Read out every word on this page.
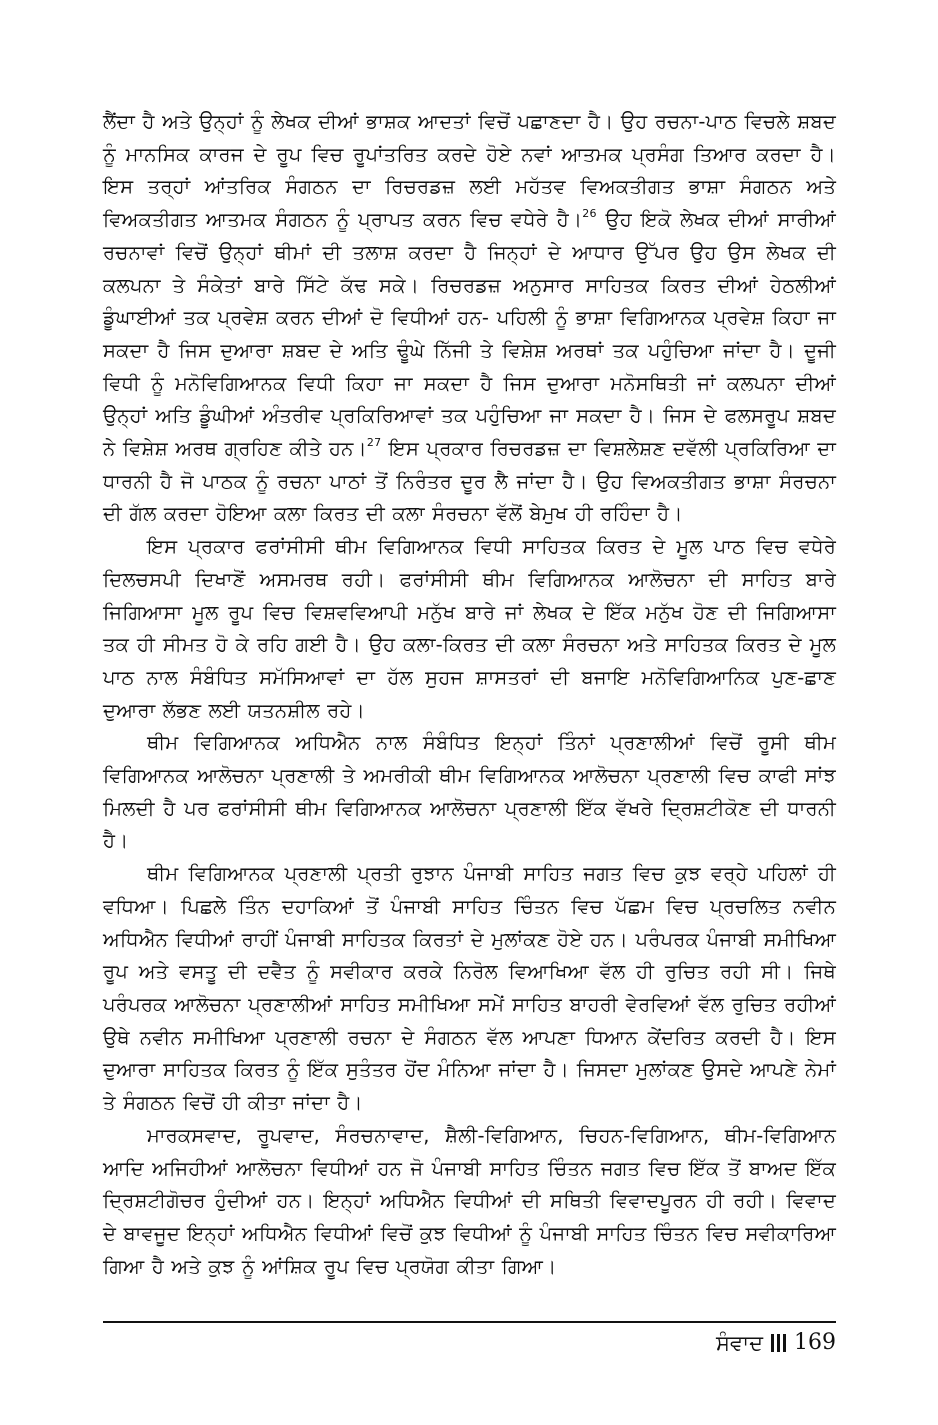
ਲੈਂਦਾ ਹੈ ਅਤੇ ਉਨ੍ਹਾਂ ਨੂੰ ਲੇਖਕ ਦੀਆਂ ਭਾਸ਼ਕ ਆਦਤਾਂ ਵਿਚੋਂ ਪਛਾਣਦਾ ਹੈ। ਉਹ ਰਚਨਾ-ਪਾਠ ਵਿਚਲੇ ਸ਼ਬਦ ਨੂੰ ਮਾਨਸਿਕ ਕਾਰਜ ਦੇ ਰੂਪ ਵਿਚ ਰੂਪਾਂਤਰਿਤ ਕਰਦੇ ਹੋਏ ਨਵਾਂ ਆਤਮਕ ਪ੍ਰਸੰਗ ਤਿਆਰ ਕਰਦਾ ਹੈ। ਇਸ ਤਰ੍ਹਾਂ ਆਂਤਰਿਕ ਸੰਗਠਨ ਦਾ ਰਿਚਰਡਜ਼ ਲਈ ਮਹੱਤਵ ਵਿਅਕਤੀਗਤ ਭਾਸ਼ਾ ਸੰਗਠਨ ਅਤੇ ਵਿਅਕਤੀਗਤ ਆਤਮਕ ਸੰਗਠਨ ਨੂੰ ਪ੍ਰਾਪਤ ਕਰਨ ਵਿਚ ਵਧੇਰੇ ਹੈ।$^{26}$ ਉਹ ਇਕੋ ਲੇਖਕ ਦੀਆਂ ਸਾਰੀਆਂ ਰਚਨਾਵਾਂ ਵਿਚੋਂ ਉਨ੍ਹਾਂ ਥੀਮਾਂ ਦੀ ਤਲਾਸ਼ ਕਰਦਾ ਹੈ ਜਿਨ੍ਹਾਂ ਦੇ ਆਧਾਰ ਉੱਪਰ ਉਹ ਉਸ ਲੇਖਕ ਦੀ ਕਲਪਨਾ ਤੇ ਸੰਕੇਤਾਂ ਬਾਰੇ ਸਿੱਟੇ ਕੱਢ ਸਕੇ। ਰਿਚਰਡਜ਼ ਅਨੁਸਾਰ ਸਾਹਿਤਕ ਕਿਰਤ ਦੀਆਂ ਹੇਠਲੀਆਂ ਡੂੰਘਾਈਆਂ ਤਕ ਪ੍ਰਵੇਸ਼ ਕਰਨ ਦੀਆਂ ਦੋ ਵਿਧੀਆਂ ਹਨ- ਪਹਿਲੀ ਨੂੰ ਭਾਸ਼ਾ ਵਿਗਿਆਨਕ ਪ੍ਰਵੇਸ਼ ਕਿਹਾ ਜਾ ਸਕਦਾ ਹੈ ਜਿਸ ਦੁਆਰਾ ਸ਼ਬਦ ਦੇ ਅਤਿ ਢੂੰਘੇ ਨਿੱਜੀ ਤੇ ਵਿਸ਼ੇਸ਼ ਅਰਥਾਂ ਤਕ ਪਹੁੰਚਿਆ ਜਾਂਦਾ ਹੈ। ਦੂਜੀ ਵਿਧੀ ਨੂੰ ਮਨੋਵਿਗਿਆਨਕ ਵਿਧੀ ਕਿਹਾ ਜਾ ਸਕਦਾ ਹੈ ਜਿਸ ਦੁਆਰਾ ਮਨੋਸਥਿਤੀ ਜਾਂ ਕਲਪਨਾ ਦੀਆਂ ਉਨ੍ਹਾਂ ਅਤਿ ਡੂੰਘੀਆਂ ਅੰਤਰੀਵ ਪ੍ਰਕਿਰਿਆਵਾਂ ਤਕ ਪਹੁੰਚਿਆ ਜਾ ਸਕਦਾ ਹੈ। ਜਿਸ ਦੇ ਫਲਸਰੂਪ ਸ਼ਬਦ ਨੇ ਵਿਸ਼ੇਸ਼ ਅਰਥ ਗ੍ਰਹਿਣ ਕੀਤੇ ਹਨ।$^{27}$ ਇਸ ਪ੍ਰਕਾਰ ਰਿਚਰਡਜ਼ ਦਾ ਵਿਸ਼ਲੇਸ਼ਣ ਦਵੱਲੀ ਪ੍ਰਕਿਰਿਆ ਦਾ ਧਾਰਨੀ ਹੈ ਜੋ ਪਾਠਕ ਨੂੰ ਰਚਨਾ ਪਾਠਾਂ ਤੋਂ ਨਿਰੰਤਰ ਦੂਰ ਲੈ ਜਾਂਦਾ ਹੈ। ਉਹ ਵਿਅਕਤੀਗਤ ਭਾਸ਼ਾ ਸੰਰਚਨਾ ਦੀ ਗੱਲ ਕਰਦਾ ਹੋਇਆ ਕਲਾ ਕਿਰਤ ਦੀ ਕਲਾ ਸੰਰਚਨਾ ਵੱਲੋਂ ਬੇਮੁਖ ਹੀ ਰਹਿੰਦਾ ਹੈ।

ਇਸ ਪ੍ਰਕਾਰ ਫਰਾਂਸੀਸੀ ਥੀਮ ਵਿਗਿਆਨਕ ਵਿਧੀ ਸਾਹਿਤਕ ਕਿਰਤ ਦੇ ਮੂਲ ਪਾਠ ਵਿਚ ਵਧੇਰੇ ਦਿਲਚਸਪੀ ਦਿਖਾਣੋਂ ਅਸਮਰਥ ਰਹੀ। ਫਰਾਂਸੀਸੀ ਥੀਮ ਵਿਗਿਆਨਕ ਆਲੋਚਨਾ ਦੀ ਸਾਹਿਤ ਬਾਰੇ ਜਿਗਿਆਸਾ ਮੂਲ ਰੂਪ ਵਿਚ ਵਿਸ਼ਵਵਿਆਪੀ ਮਨੁੱਖ ਬਾਰੇ ਜਾਂ ਲੇਖਕ ਦੇ ਇੱਕ ਮਨੁੱਖ ਹੋਣ ਦੀ ਜਿਗਿਆਸਾ ਤਕ ਹੀ ਸੀਮਤ ਹੋ ਕੇ ਰਹਿ ਗਈ ਹੈ। ਉਹ ਕਲਾ-ਕਿਰਤ ਦੀ ਕਲਾ ਸੰਰਚਨਾ ਅਤੇ ਸਾਹਿਤਕ ਕਿਰਤ ਦੇ ਮੂਲ ਪਾਠ ਨਾਲ ਸੰਬੰਧਿਤ ਸਮੱਸਿਆਵਾਂ ਦਾ ਹੱਲ ਸੁਹਜ ਸ਼ਾਸਤਰਾਂ ਦੀ ਬਜਾਇ ਮਨੋਵਿਗਿਆਨਿਕ ਪੁਣ-ਛਾਣ ਦੁਆਰਾ ਲੱਭਣ ਲਈ ਯਤਨਸ਼ੀਲ ਰਹੇ।

ਥੀਮ ਵਿਗਿਆਨਕ ਅਧਿਐਨ ਨਾਲ ਸੰਬੰਧਿਤ ਇਨ੍ਹਾਂ ਤਿੰਨਾਂ ਪ੍ਰਣਾਲੀਆਂ ਵਿਚੋਂ ਰੂਸੀ ਥੀਮ ਵਿਗਿਆਨਕ ਆਲੋਚਨਾ ਪ੍ਰਣਾਲੀ ਤੇ ਅਮਰੀਕੀ ਥੀਮ ਵਿਗਿਆਨਕ ਆਲੋਚਨਾ ਪ੍ਰਣਾਲੀ ਵਿਚ ਕਾਫੀ ਸਾਂਝ ਮਿਲਦੀ ਹੈ ਪਰ ਫਰਾਂਸੀਸੀ ਥੀਮ ਵਿਗਿਆਨਕ ਆਲੋਚਨਾ ਪ੍ਰਣਾਲੀ ਇੱਕ ਵੱਖਰੇ ਦ੍ਰਿਸ਼ਟੀਕੋਣ ਦੀ ਧਾਰਨੀ ਹੈ।

ਥੀਮ ਵਿਗਿਆਨਕ ਪ੍ਰਣਾਲੀ ਪ੍ਰਤੀ ਰੁਝਾਨ ਪੰਜਾਬੀ ਸਾਹਿਤ ਜਗਤ ਵਿਚ ਕੁਝ ਵਰ੍ਹੇ ਪਹਿਲਾਂ ਹੀ ਵਧਿਆ। ਪਿਛਲੇ ਤਿੰਨ ਦਹਾਕਿਆਂ ਤੋਂ ਪੰਜਾਬੀ ਸਾਹਿਤ ਚਿੰਤਨ ਵਿਚ ਪੱਛਮ ਵਿਚ ਪ੍ਰਚਲਿਤ ਨਵੀਨ ਅਧਿਐਨ ਵਿਧੀਆਂ ਰਾਹੀਂ ਪੰਜਾਬੀ ਸਾਹਿਤਕ ਕਿਰਤਾਂ ਦੇ ਮੁਲਾਂਕਣ ਹੋਏ ਹਨ। ਪਰੰਪਰਕ ਪੰਜਾਬੀ ਸਮੀਖਿਆ ਰੂਪ ਅਤੇ ਵਸਤੂ ਦੀ ਦਵੈਤ ਨੂੰ ਸਵੀਕਾਰ ਕਰਕੇ ਨਿਰੋਲ ਵਿਆਖਿਆ ਵੱਲ ਹੀ ਰੁਚਿਤ ਰਹੀ ਸੀ। ਜਿਥੇ ਪਰੰਪਰਕ ਆਲੋਚਨਾ ਪ੍ਰਣਾਲੀਆਂ ਸਾਹਿਤ ਸਮੀਖਿਆ ਸਮੇਂ ਸਾਹਿਤ ਬਾਹਰੀ ਵੇਰਵਿਆਂ ਵੱਲ ਰੁਚਿਤ ਰਹੀਆਂ ਉਥੇ ਨਵੀਨ ਸਮੀਖਿਆ ਪ੍ਰਣਾਲੀ ਰਚਨਾ ਦੇ ਸੰਗਠਨ ਵੱਲ ਆਪਣਾ ਧਿਆਨ ਕੇਂਦਰਿਤ ਕਰਦੀ ਹੈ। ਇਸ ਦੁਆਰਾ ਸਾਹਿਤਕ ਕਿਰਤ ਨੂੰ ਇੱਕ ਸੁਤੰਤਰ ਹੋਂਦ ਮੰਨਿਆ ਜਾਂਦਾ ਹੈ। ਜਿਸਦਾ ਮੁਲਾਂਕਣ ਉਸਦੇ ਆਪਣੇ ਨੇਮਾਂ ਤੇ ਸੰਗਠਨ ਵਿਚੋਂ ਹੀ ਕੀਤਾ ਜਾਂਦਾ ਹੈ।

ਮਾਰਕਸਵਾਦ, ਰੂਪਵਾਦ, ਸੰਰਚਨਾਵਾਦ, ਸ਼ੈਲੀ-ਵਿਗਿਆਨ, ਚਿਹਨ-ਵਿਗਿਆਨ, ਥੀਮ-ਵਿਗਿਆਨ ਆਦਿ ਅਜਿਹੀਆਂ ਆਲੋਚਨਾ ਵਿਧੀਆਂ ਹਨ ਜੋ ਪੰਜਾਬੀ ਸਾਹਿਤ ਚਿੰਤਨ ਜਗਤ ਵਿਚ ਇੱਕ ਤੋਂ ਬਾਅਦ ਇੱਕ ਦ੍ਰਿਸ਼ਟੀਗੋਚਰ ਹੁੰਦੀਆਂ ਹਨ। ਇਨ੍ਹਾਂ ਅਧਿਐਨ ਵਿਧੀਆਂ ਦੀ ਸਥਿਤੀ ਵਿਵਾਦਪੂਰਨ ਹੀ ਰਹੀ। ਵਿਵਾਦ ਦੇ ਬਾਵਜੂਦ ਇਨ੍ਹਾਂ ਅਧਿਐਨ ਵਿਧੀਆਂ ਵਿਚੋਂ ਕੁਝ ਵਿਧੀਆਂ ਨੂੰ ਪੰਜਾਬੀ ਸਾਹਿਤ ਚਿੰਤਨ ਵਿਚ ਸਵੀਕਾਰਿਆ ਗਿਆ ਹੈ ਅਤੇ ਕੁਝ ਨੂੰ ਆਂਸ਼ਿਕ ਰੂਪ ਵਿਚ ਪ੍ਰਯੋਗ ਕੀਤਾ ਗਿਆ।

ਸੰਵਾਦ 169
